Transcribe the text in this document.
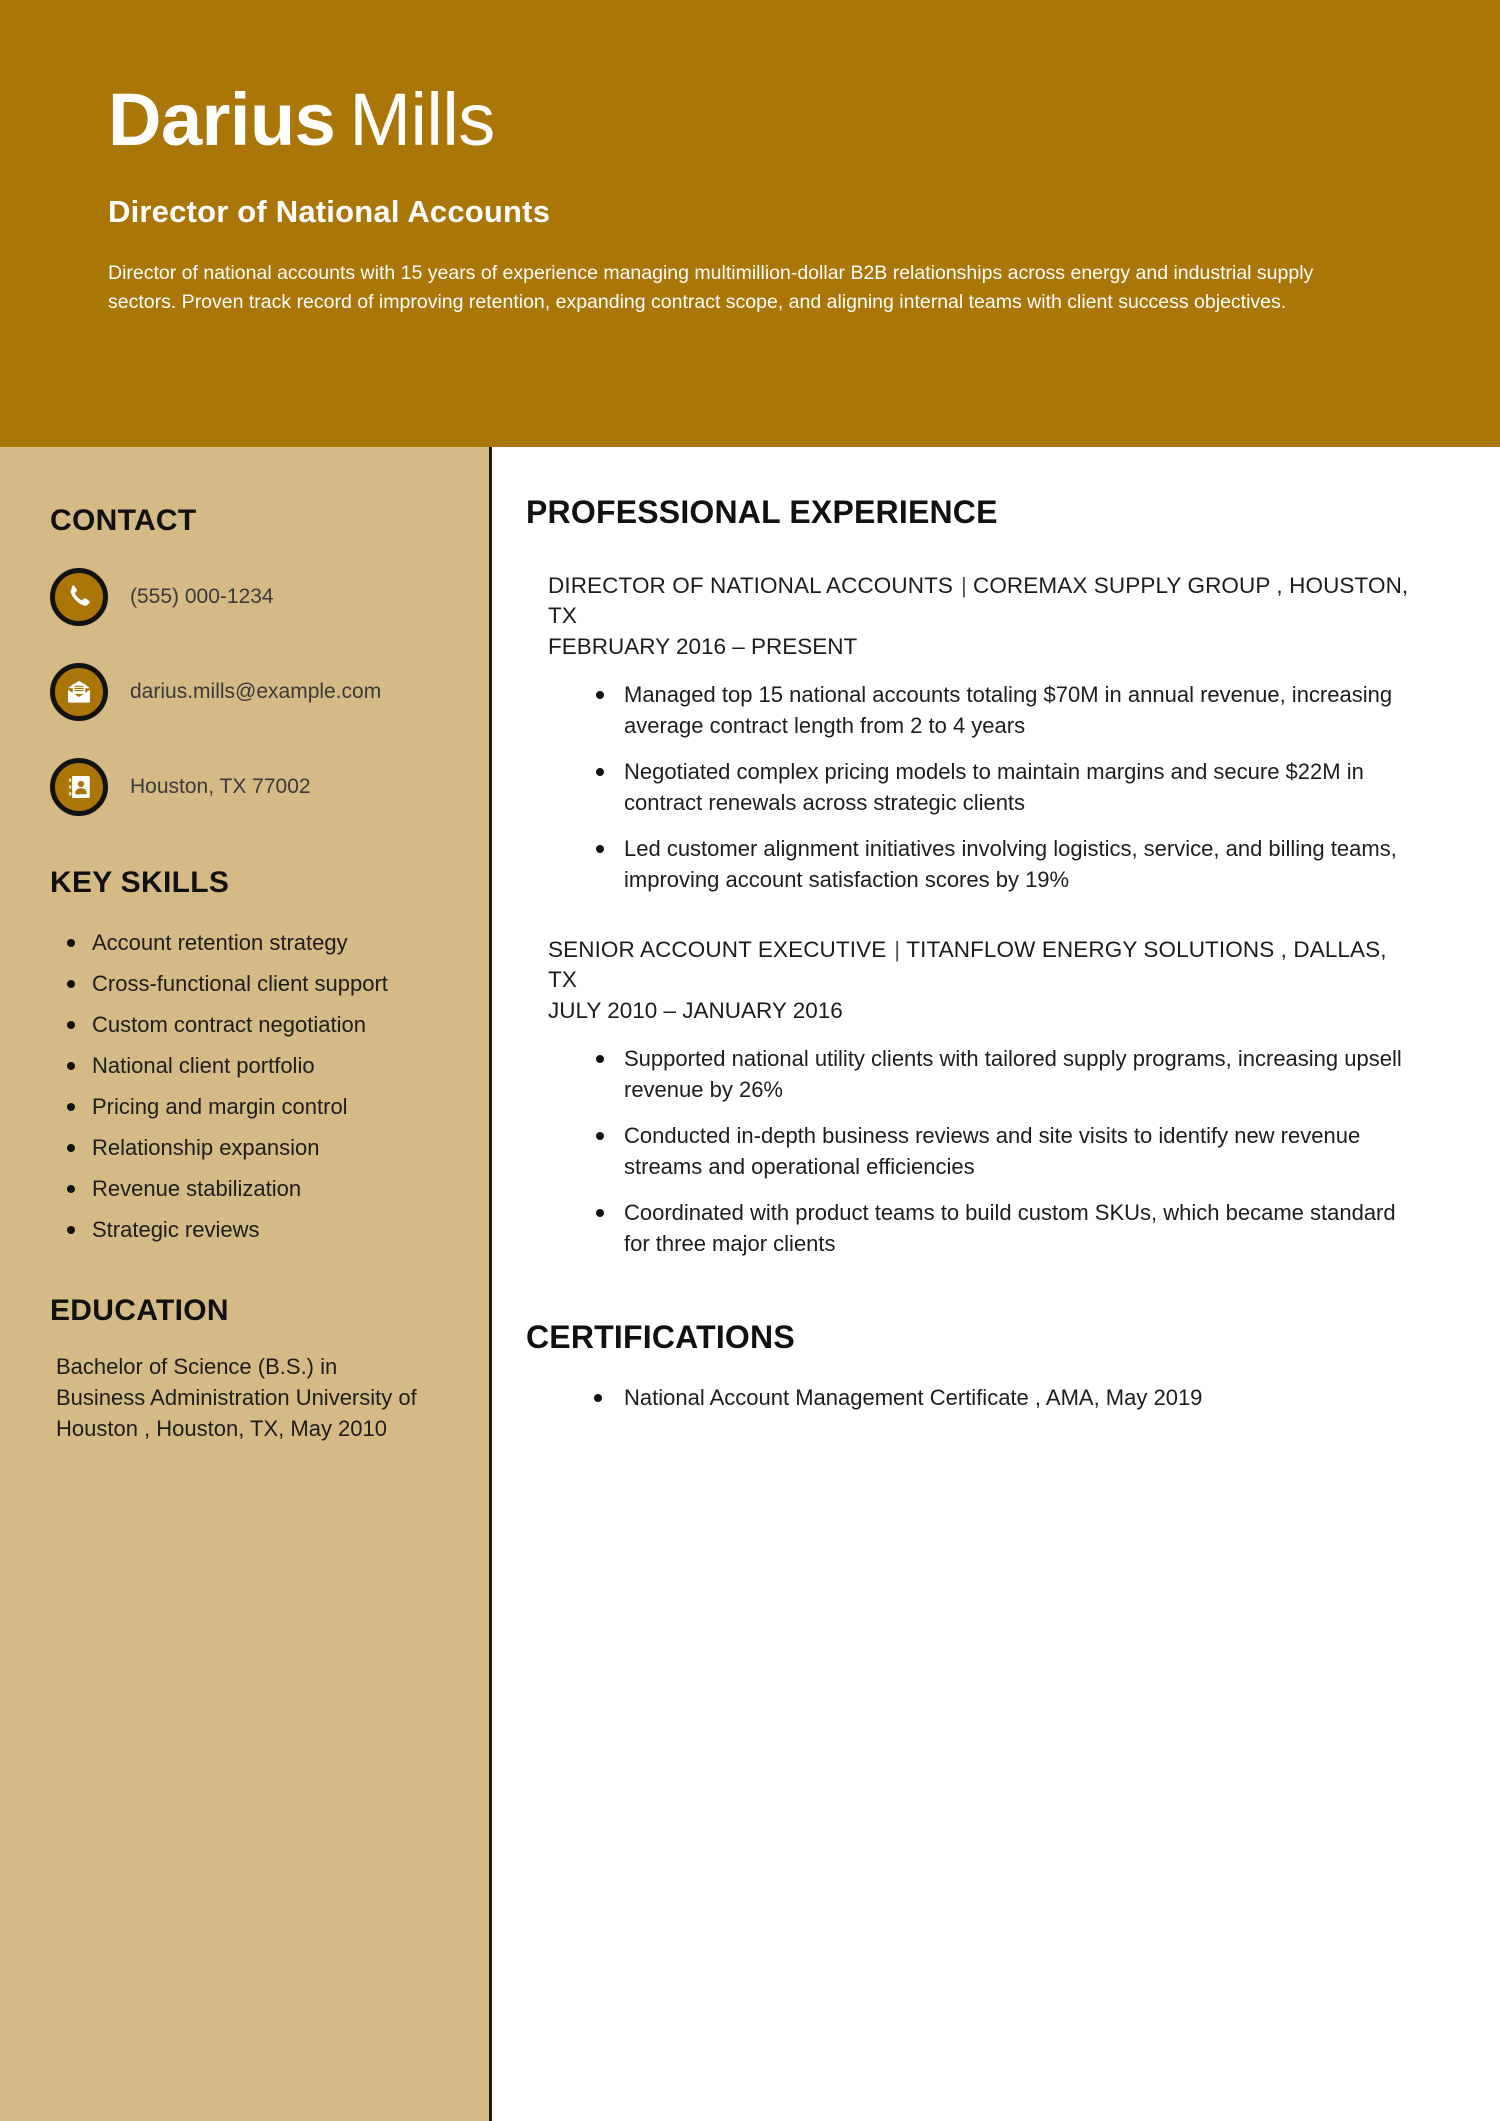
Darius Mills
Director of National Accounts
Director of national accounts with 15 years of experience managing multimillion-dollar B2B relationships across energy and industrial supply sectors. Proven track record of improving retention, expanding contract scope, and aligning internal teams with client success objectives.
CONTACT
(555) 000-1234
darius.mills@example.com
Houston, TX 77002
KEY SKILLS
Account retention strategy
Cross-functional client support
Custom contract negotiation
National client portfolio
Pricing and margin control
Relationship expansion
Revenue stabilization
Strategic reviews
EDUCATION
Bachelor of Science (B.S.) in Business Administration University of Houston , Houston, TX, May 2010
PROFESSIONAL EXPERIENCE
DIRECTOR OF NATIONAL ACCOUNTS | COREMAX SUPPLY GROUP , HOUSTON, TX
FEBRUARY 2016 – PRESENT
Managed top 15 national accounts totaling $70M in annual revenue, increasing average contract length from 2 to 4 years
Negotiated complex pricing models to maintain margins and secure $22M in contract renewals across strategic clients
Led customer alignment initiatives involving logistics, service, and billing teams, improving account satisfaction scores by 19%
SENIOR ACCOUNT EXECUTIVE | TITANFLOW ENERGY SOLUTIONS , DALLAS, TX
JULY 2010 – JANUARY 2016
Supported national utility clients with tailored supply programs, increasing upsell revenue by 26%
Conducted in-depth business reviews and site visits to identify new revenue streams and operational efficiencies
Coordinated with product teams to build custom SKUs, which became standard for three major clients
CERTIFICATIONS
National Account Management Certificate , AMA, May 2019
